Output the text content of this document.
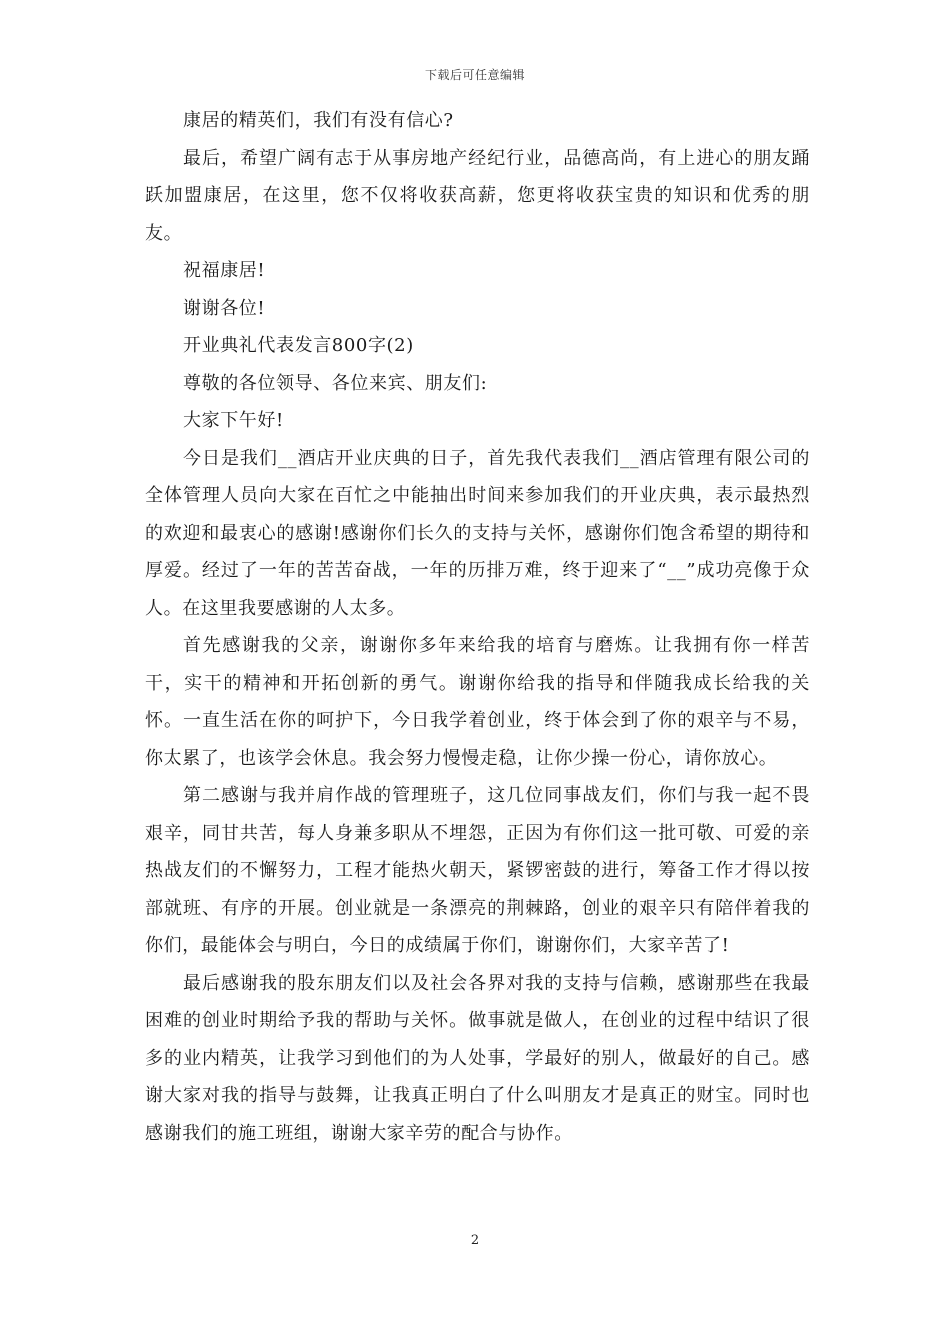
下载后可任意编辑

康居的精英们，我们有没有信心?

最后，希望广阔有志于从事房地产经纪行业，品德高尚，有上进心的朋友踊跃加盟康居，在这里，您不仅将收获高薪，您更将收获宝贵的知识和优秀的朋友。

祝福康居!

谢谢各位!

开业典礼代表发言800字(2)

尊敬的各位领导、各位来宾、朋友们:

大家下午好!

今日是我们__酒店开业庆典的日子，首先我代表我们__酒店管理有限公司的全体管理人员向大家在百忙之中能抽出时间来参加我们的开业庆典，表示最热烈的欢迎和最衷心的感谢!感谢你们长久的支持与关怀，感谢你们饱含希望的期待和厚爱。经过了一年的苦苦奋战，一年的历排万难，终于迎来了“__”成功亮像于众人。在这里我要感谢的人太多。

首先感谢我的父亲，谢谢你多年来给我的培育与磨炼。让我拥有你一样苦干，实干的精神和开拓创新的勇气。谢谢你给我的指导和伴随我成长给我的关怀。一直生活在你的呵护下，今日我学着创业，终于体会到了你的艰辛与不易，你太累了，也该学会休息。我会努力慢慢走稳，让你少操一份心，请你放心。

第二感谢与我并肩作战的管理班子，这几位同事战友们，你们与我一起不畏艰辛，同甘共苦，每人身兼多职从不埋怨，正因为有你们这一批可敬、可爱的亲热战友们的不懈努力，工程才能热火朝天，紧锣密鼓的进行，筹备工作才得以按部就班、有序的开展。创业就是一条漂亮的荆棘路，创业的艰辛只有陪伴着我的你们，最能体会与明白，今日的成绩属于你们，谢谢你们，大家辛苦了!

最后感谢我的股东朋友们以及社会各界对我的支持与信赖，感谢那些在我最困难的创业时期给予我的帮助与关怀。做事就是做人，在创业的过程中结识了很多的业内精英，让我学习到他们的为人处事，学最好的别人，做最好的自己。感谢大家对我的指导与鼓舞，让我真正明白了什么叫朋友才是真正的财宝。同时也感谢我们的施工班组，谢谢大家辛劳的配合与协作。

2
